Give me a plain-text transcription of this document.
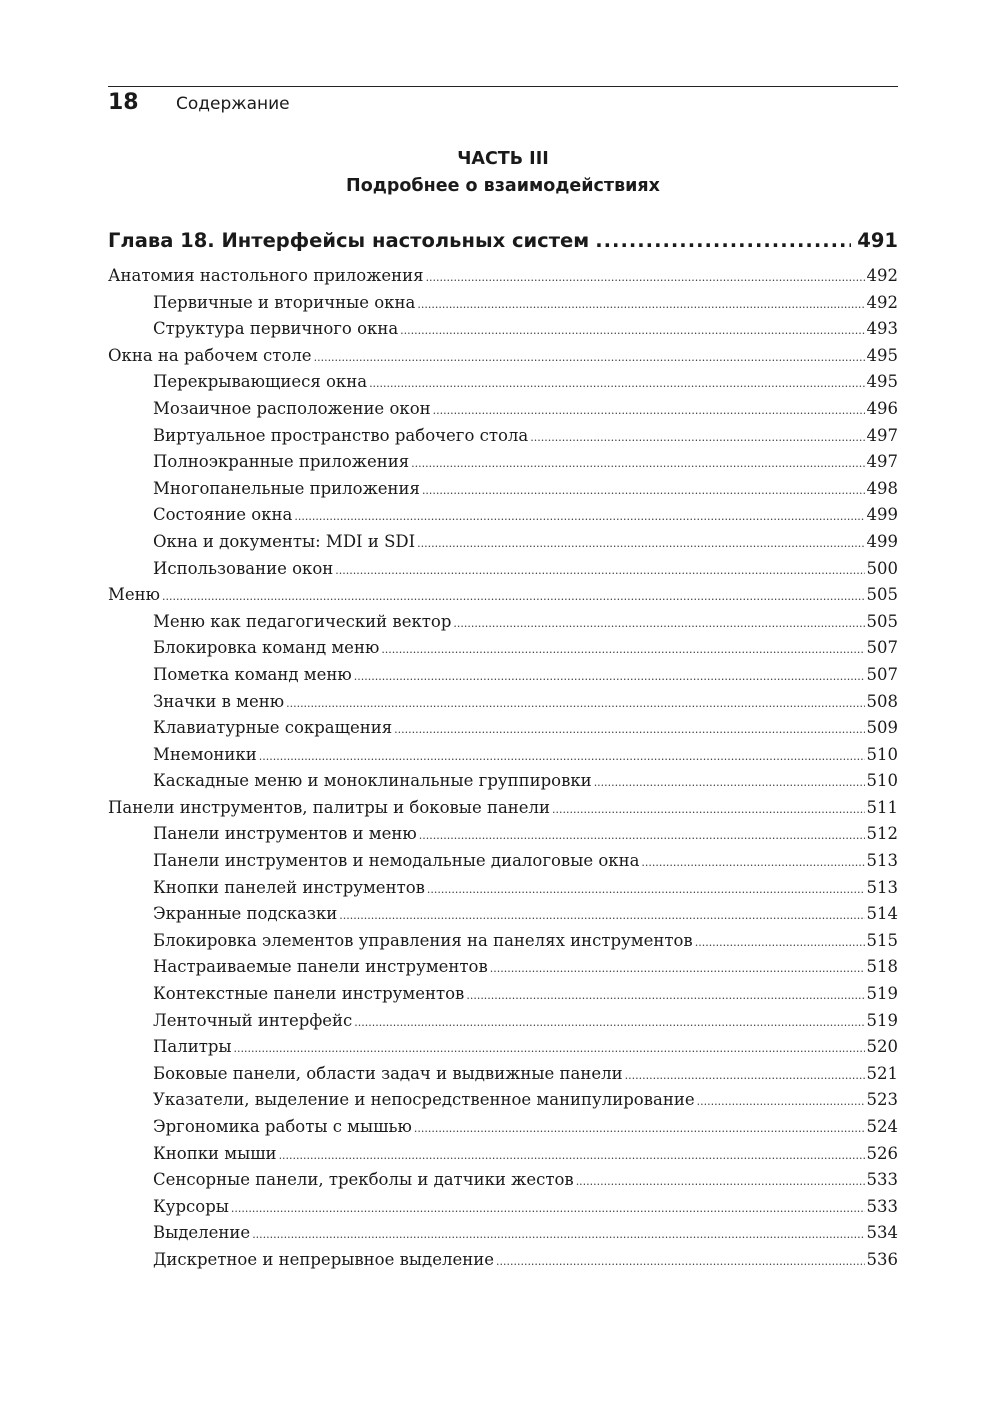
18	Содержание
ЧАСТЬ III
Подробнее о взаимодействиях
Глава 18. Интерфейсы настольных систем .....	491
Анатомия настольного приложения .....	492
Первичные и вторичные окна .....	492
Структура первичного окна .....	493
Окна на рабочем столе .....	495
Перекрывающиеся окна .....	495
Мозаичное расположение окон .....	496
Виртуальное пространство рабочего стола .....	497
Полноэкранные приложения .....	497
Многопанельные приложения .....	498
Состояние окна .....	499
Окна и документы: MDI и SDI .....	499
Использование окон .....	500
Меню .....	505
Меню как педагогический вектор .....	505
Блокировка команд меню .....	507
Пометка команд меню .....	507
Значки в меню .....	508
Клавиатурные сокращения .....	509
Мнемоники .....	510
Каскадные меню и моноклинальные группировки .....	510
Панели инструментов, палитры и боковые панели .....	511
Панели инструментов и меню .....	512
Панели инструментов и немодальные диалоговые окна .....	513
Кнопки панелей инструментов .....	513
Экранные подсказки .....	514
Блокировка элементов управления на панелях инструментов .....	515
Настраиваемые панели инструментов .....	518
Контекстные панели инструментов .....	519
Ленточный интерфейс .....	519
Палитры .....	520
Боковые панели, области задач и выдвижные панели .....	521
Указатели, выделение и непосредственное манипулирование .....	523
Эргономика работы с мышью .....	524
Кнопки мыши .....	526
Сенсорные панели, трекболы и датчики жестов .....	533
Курсоры .....	533
Выделение .....	534
Дискретное и непрерывное выделение .....	536
